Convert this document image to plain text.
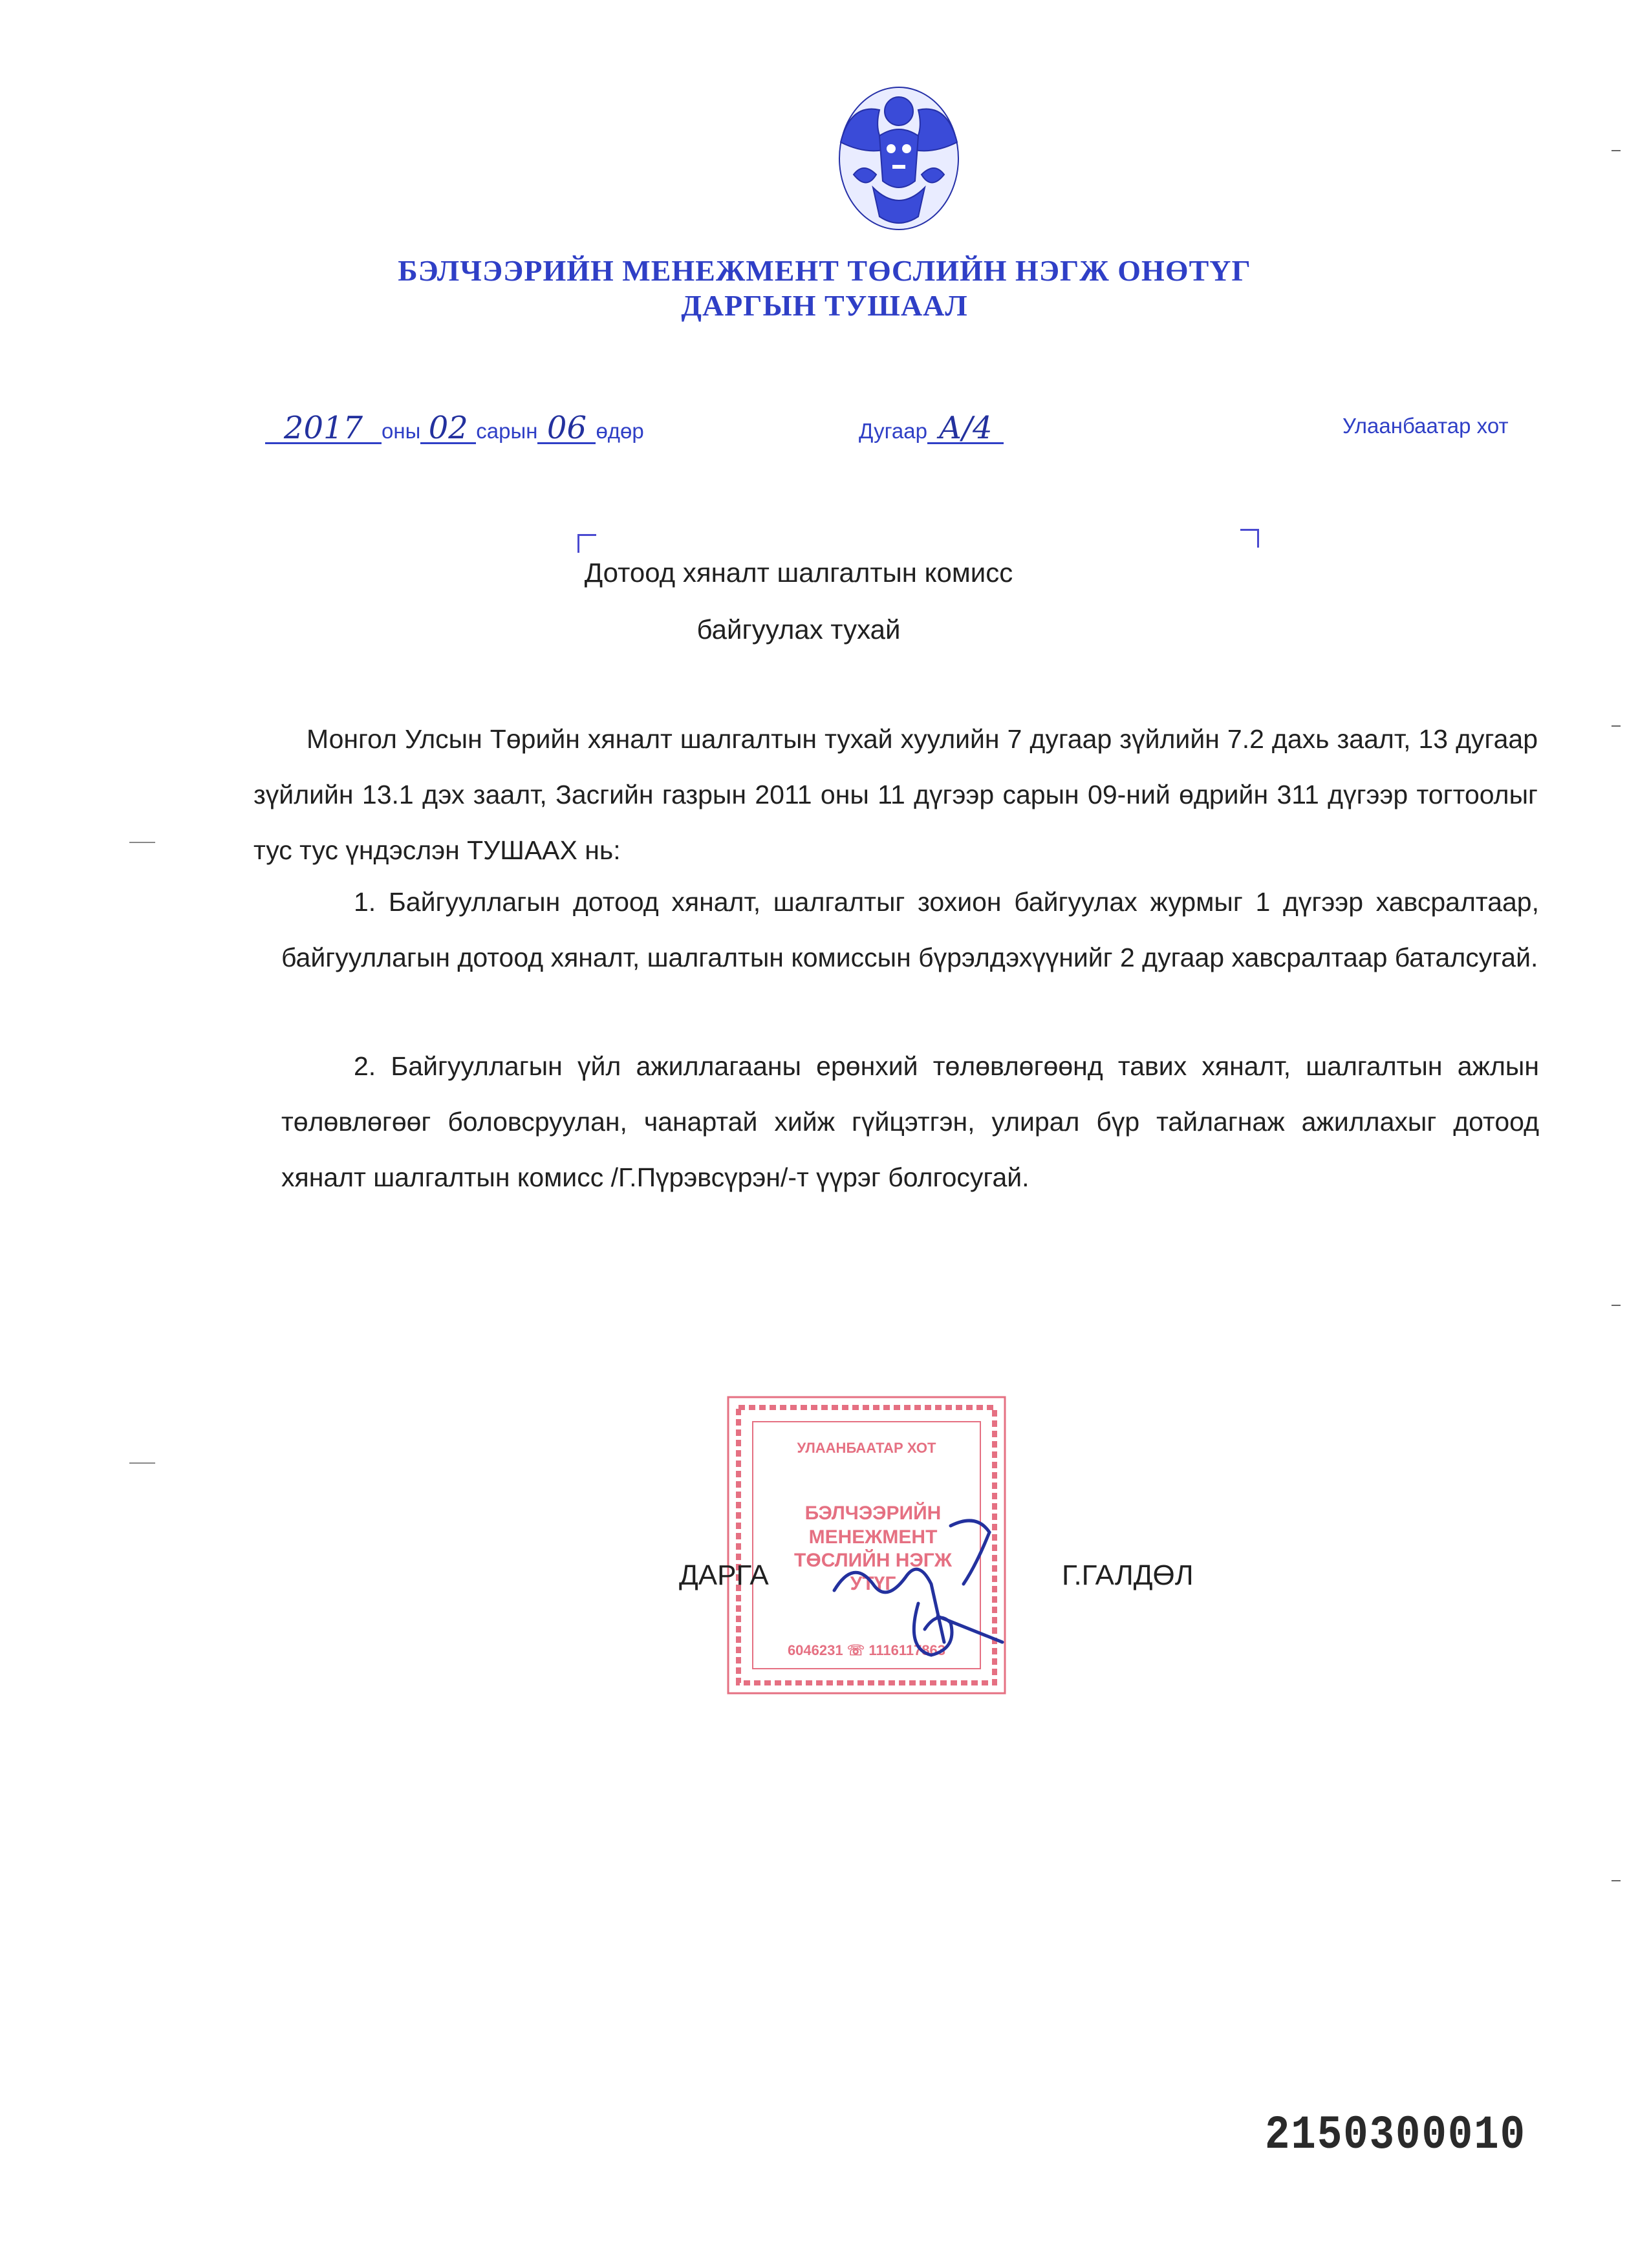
БЭЛЧЭЭРИЙН МЕНЕЖМЕНТ ТӨСЛИЙН НЭГЖ ОНӨТҮГ
ДАРГЫН ТУШААЛ
2017 оны 02 сарын 06 өдөр	Дугаар А/4	Улаанбаатар хот
Дотоод хяналт шалгалтын комисс
байгуулах тухай
Монгол Улсын Төрийн хяналт шалгалтын тухай хуулийн 7 дугаар зүйлийн 7.2 дахь заалт, 13 дугаар зүйлийн 13.1 дэх заалт, Засгийн газрын 2011 оны 11 дүгээр сарын 09-ний өдрийн 311 дүгээр тогтоолыг тус тус үндэслэн ТУШААХ нь:
1. Байгууллагын дотоод хяналт, шалгалтыг зохион байгуулах журмыг 1 дүгээр хавсралтаар, байгууллагын дотоод хяналт, шалгалтын комиссын бүрэлдэхүүнийг 2 дугаар хавсралтаар баталсугай.
2. Байгууллагын үйл ажиллагааны ерөнхий төлөвлөгөөнд тавих хяналт, шалгалтын ажлын төлөвлөгөөг боловсруулан, чанартай хийж гүйцэтгэн, улирал бүр тайлагнаж ажиллахыг дотоод хяналт шалгалтын комисс /Г.Пүрэвсүрэн/-т үүрэг болгосугай.
УЛААНБААТАР ХОТ
БЭЛЧЭЭРИЙН
МЕНЕЖМЕНТ
ТӨСЛИЙН НЭГЖ
УТҮГ
6046231 ☏ 1116117863
ДАРГА	Г.ГАЛДӨЛ
2150300010
